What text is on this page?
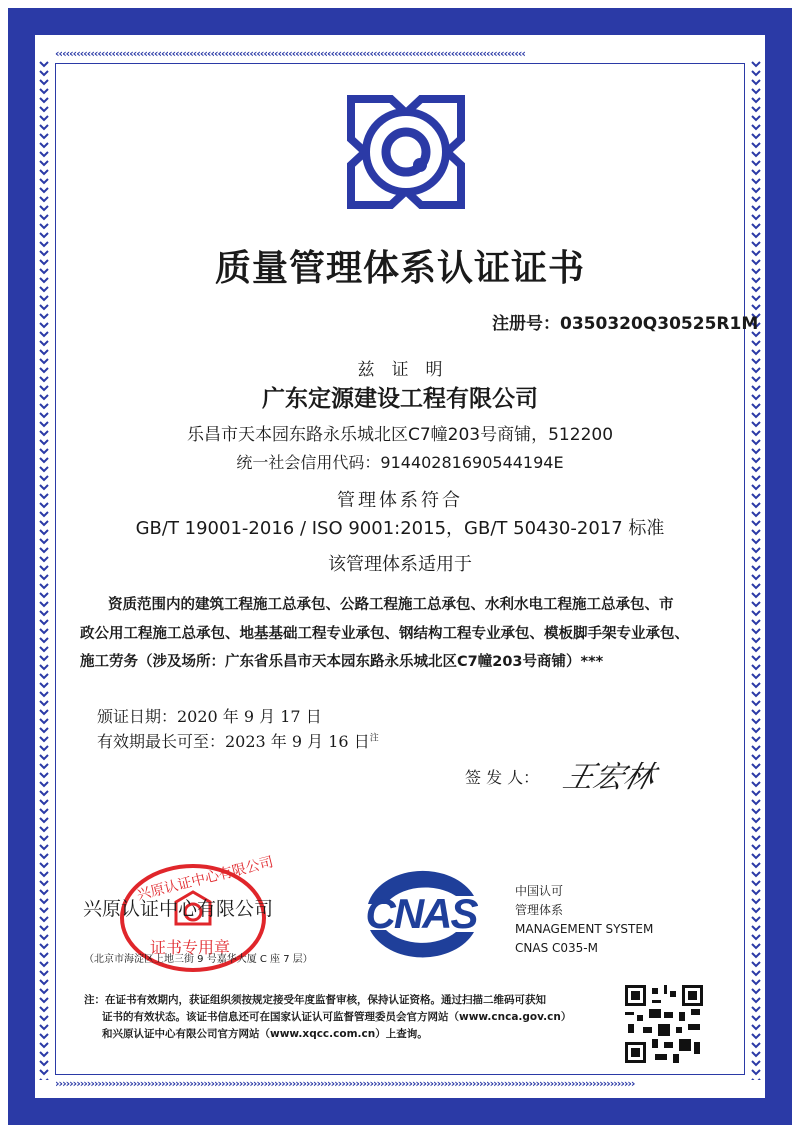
‹‹‹‹‹‹‹‹‹‹‹‹‹‹‹‹‹‹‹‹‹‹‹‹‹‹‹‹‹‹‹‹‹‹‹‹‹‹‹‹‹‹‹‹‹‹‹‹‹‹‹‹‹‹‹‹‹‹‹‹‹‹‹‹‹‹‹‹‹‹‹‹‹‹‹‹‹‹‹‹‹‹‹‹‹‹‹‹‹‹‹‹‹‹‹‹‹‹‹‹‹‹‹‹‹‹‹‹‹‹‹‹‹‹‹‹‹‹‹‹‹‹‹‹‹‹‹‹‹‹‹‹‹
››››››››››››››››››››››››››››››››››››››››››››››››››››››››››››››››››››››››››››››››››››››››››››››››››››››››››››››››››››››››››››››››››››››››››››››››››››››››››››››››››››
质量管理体系认证证书
注册号：0350320Q30525R1M
兹　证　明
广东定源建设工程有限公司
乐昌市天本园东路永乐城北区C7幢203号商铺，512200
统一社会信用代码：91440281690544194E
管理体系符合
GB/T 19001-2016 / ISO 9001:2015，GB/T 50430-2017 标准
该管理体系适用于
资质范围内的建筑工程施工总承包、公路工程施工总承包、水利水电工程施工总承包、市
政公用工程施工总承包、地基基础工程专业承包、钢结构工程专业承包、模板脚手架专业承包、
施工劳务（涉及场所：广东省乐昌市天本园东路永乐城北区C7幢203号商铺）***
颁证日期：2020 年 9 月 17 日
有效期最长可至：2023 年 9 月 16 日$^注$
签 发 人： 王宏林
兴原认证中心有限公司
证书专用章
兴原认证中心有限公司
（北京市海淀区上地三街 9 号嘉华大厦 C 座 7 层）
CNAS	中国认可
管理体系
MANAGEMENT SYSTEM
CNAS C035-M
注：在证书有效期内，获证组织须按规定接受年度监督审核，保持认证资格。通过扫描二维码可获知
证书的有效状态。该证书信息还可在国家认证认可监督管理委员会官方网站（www.cnca.gov.cn）
和兴原认证中心有限公司官方网站（www.xqcc.com.cn）上查询。
